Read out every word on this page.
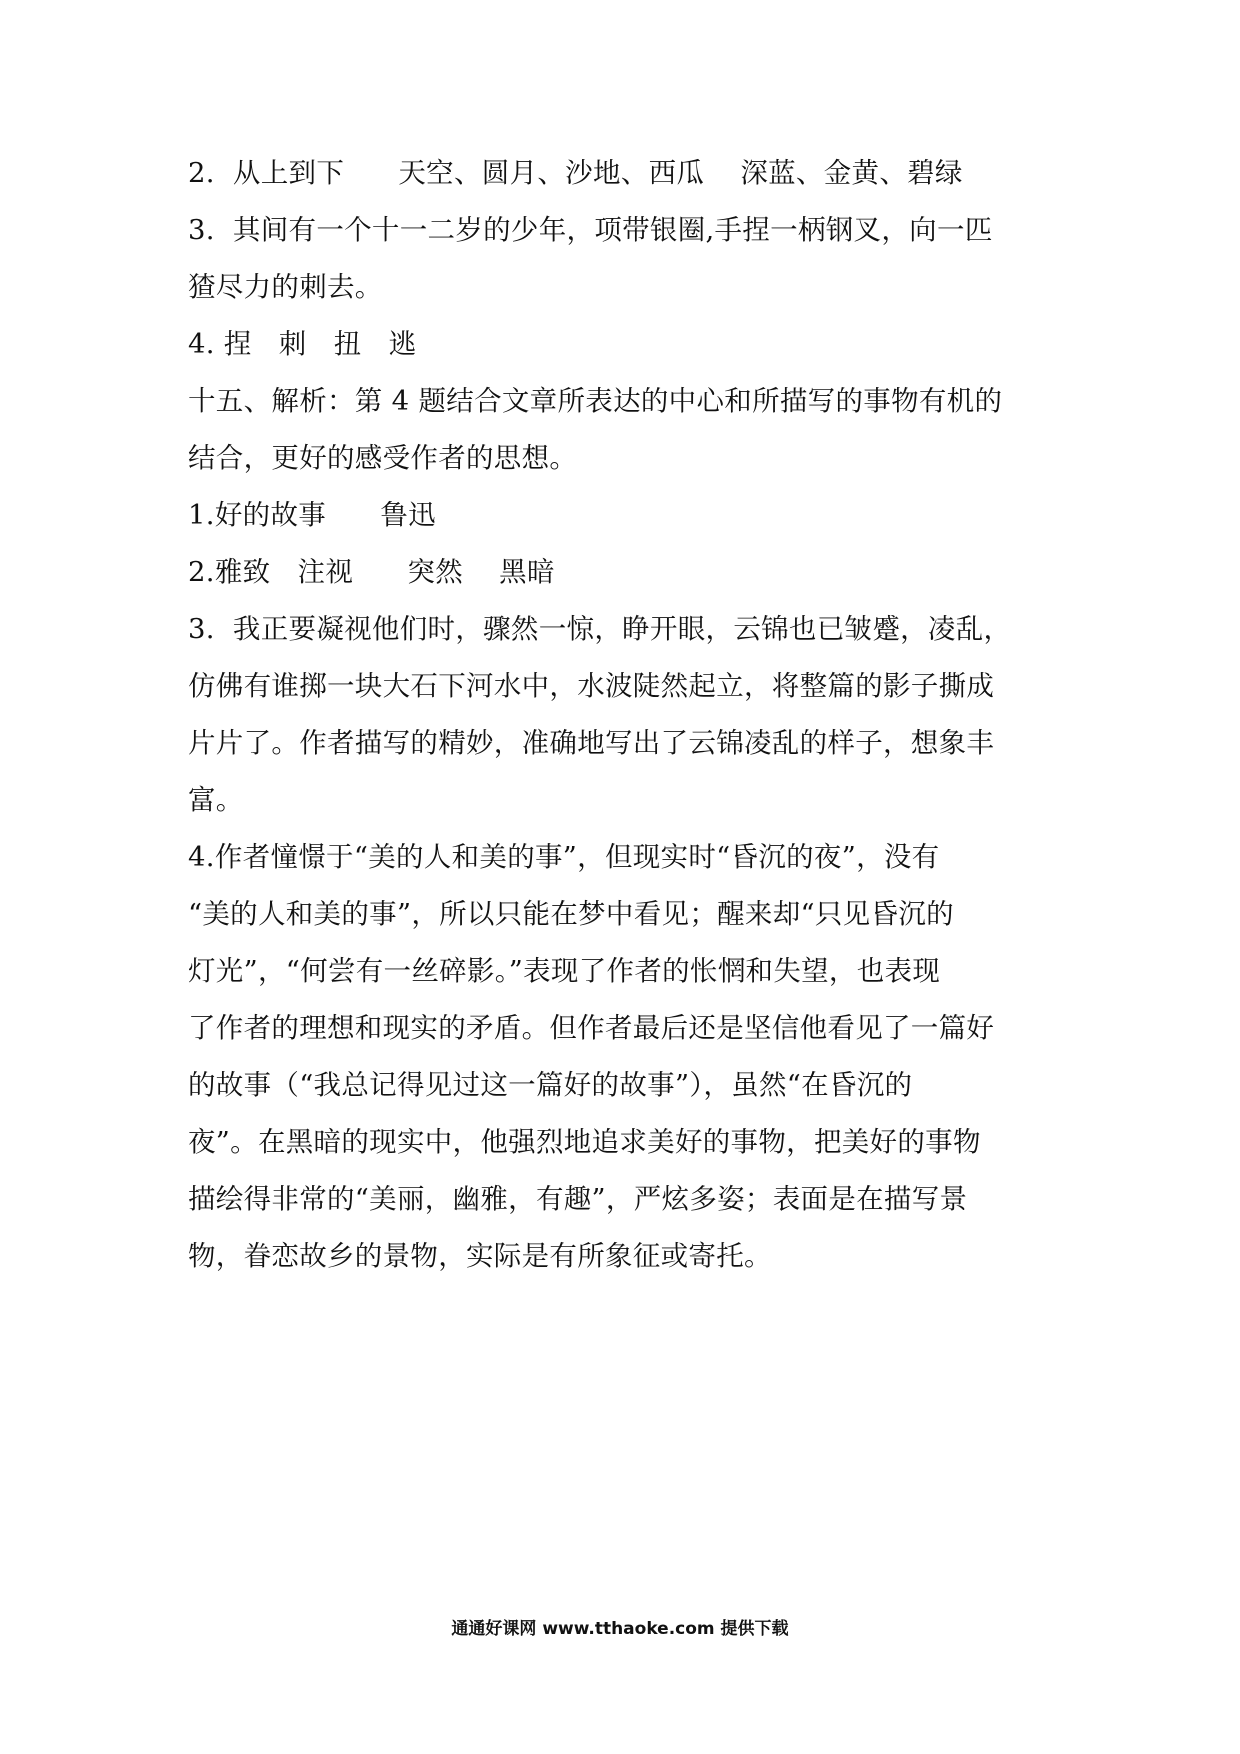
2.  从上到下      天空、圆月、沙地、西瓜    深蓝、金黄、碧绿
3.  其间有一个十一二岁的少年，项带银圈,手捏一柄钢叉，向一匹
猹尽力的刺去。
4. 捏   刺   扭   逃
十五、解析：第 4 题结合文章所表达的中心和所描写的事物有机的
结合，更好的感受作者的思想。
1.好的故事      鲁迅
2.雅致   注视      突然    黑暗
3.  我正要凝视他们时，骤然一惊，睁开眼，云锦也已皱蹙，凌乱，
仿佛有谁掷一块大石下河水中，水波陡然起立，将整篇的影子撕成
片片了。作者描写的精妙，准确地写出了云锦凌乱的样子，想象丰
富。
4.作者憧憬于“美的人和美的事”，但现实时“昏沉的夜”，没有
“美的人和美的事”，所以只能在梦中看见；醒来却“只见昏沉的
灯光”，“何尝有一丝碎影。”表现了作者的怅惘和失望，也表现
了作者的理想和现实的矛盾。但作者最后还是坚信他看见了一篇好
的故事（“我总记得见过这一篇好的故事”），虽然“在昏沉的
夜”。在黑暗的现实中，他强烈地追求美好的事物，把美好的事物
描绘得非常的“美丽，幽雅，有趣”，严炫多姿；表面是在描写景
物，眷恋故乡的景物，实际是有所象征或寄托。
通通好课网 www.tthaoke.com 提供下载
